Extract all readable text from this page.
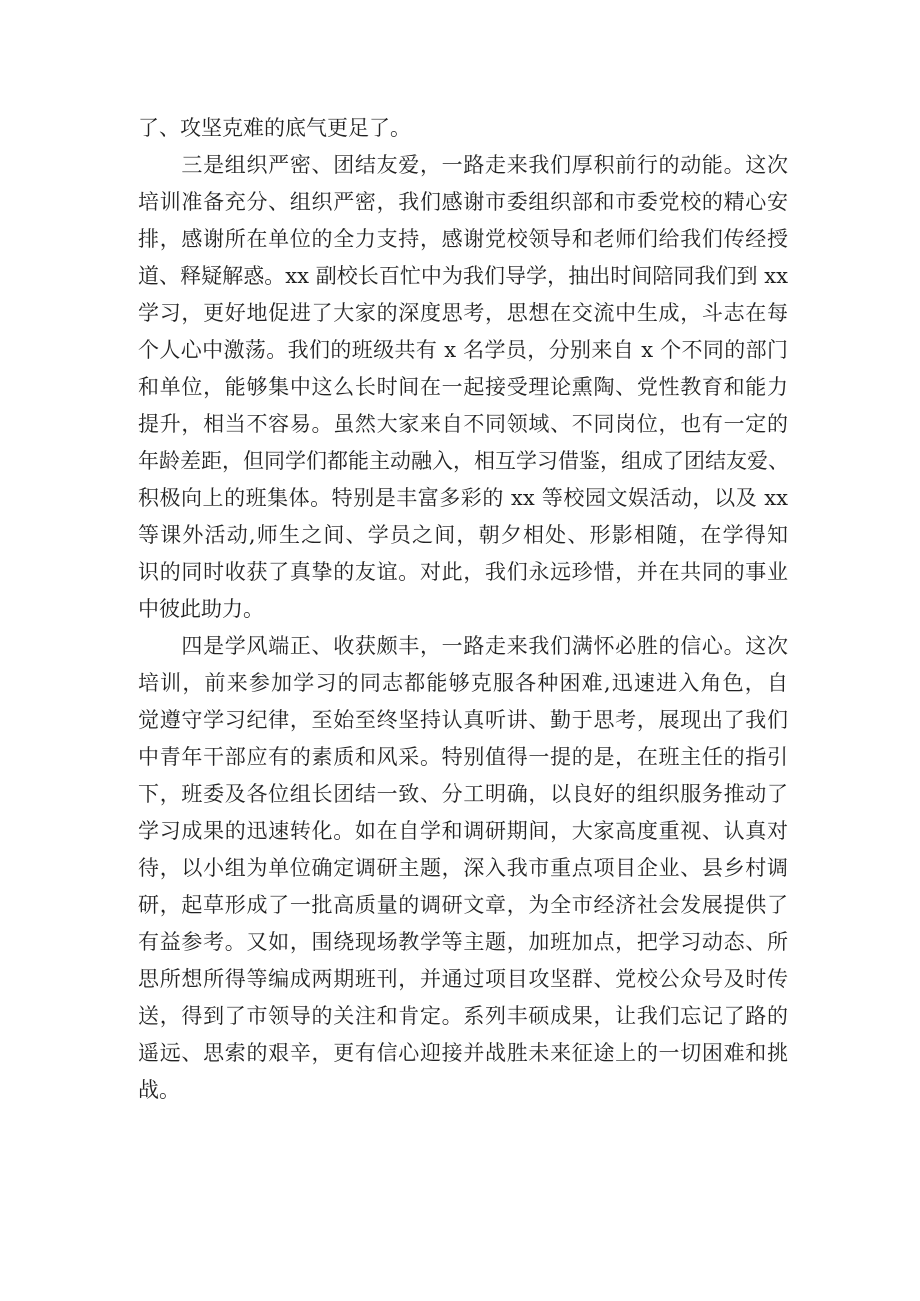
了、攻坚克难的底气更足了。
　　三是组织严密、团结友爱，一路走来我们厚积前行的动能。这次
培训准备充分、组织严密，我们感谢市委组织部和市委党校的精心安
排，感谢所在单位的全力支持，感谢党校领导和老师们给我们传经授
道、释疑解惑。xx 副校长百忙中为我们导学，抽出时间陪同我们到 xx
学习，更好地促进了大家的深度思考，思想在交流中生成，斗志在每
个人心中激荡。我们的班级共有 x 名学员，分别来自 x 个不同的部门
和单位，能够集中这么长时间在一起接受理论熏陶、党性教育和能力
提升，相当不容易。虽然大家来自不同领域、不同岗位，也有一定的
年龄差距，但同学们都能主动融入，相互学习借鉴，组成了团结友爱、
积极向上的班集体。特别是丰富多彩的 xx 等校园文娱活动，以及 xx
等课外活动,师生之间、学员之间，朝夕相处、形影相随，在学得知
识的同时收获了真挚的友谊。对此，我们永远珍惜，并在共同的事业
中彼此助力。
　　四是学风端正、收获颇丰，一路走来我们满怀必胜的信心。这次
培训，前来参加学习的同志都能够克服各种困难,迅速进入角色，自
觉遵守学习纪律，至始至终坚持认真听讲、勤于思考，展现出了我们
中青年干部应有的素质和风采。特别值得一提的是，在班主任的指引
下，班委及各位组长团结一致、分工明确，以良好的组织服务推动了
学习成果的迅速转化。如在自学和调研期间，大家高度重视、认真对
待，以小组为单位确定调研主题，深入我市重点项目企业、县乡村调
研，起草形成了一批高质量的调研文章，为全市经济社会发展提供了
有益参考。又如，围绕现场教学等主题，加班加点，把学习动态、所
思所想所得等编成两期班刊，并通过项目攻坚群、党校公众号及时传
送，得到了市领导的关注和肯定。系列丰硕成果，让我们忘记了路的
遥远、思索的艰辛，更有信心迎接并战胜未来征途上的一切困难和挑
战。
